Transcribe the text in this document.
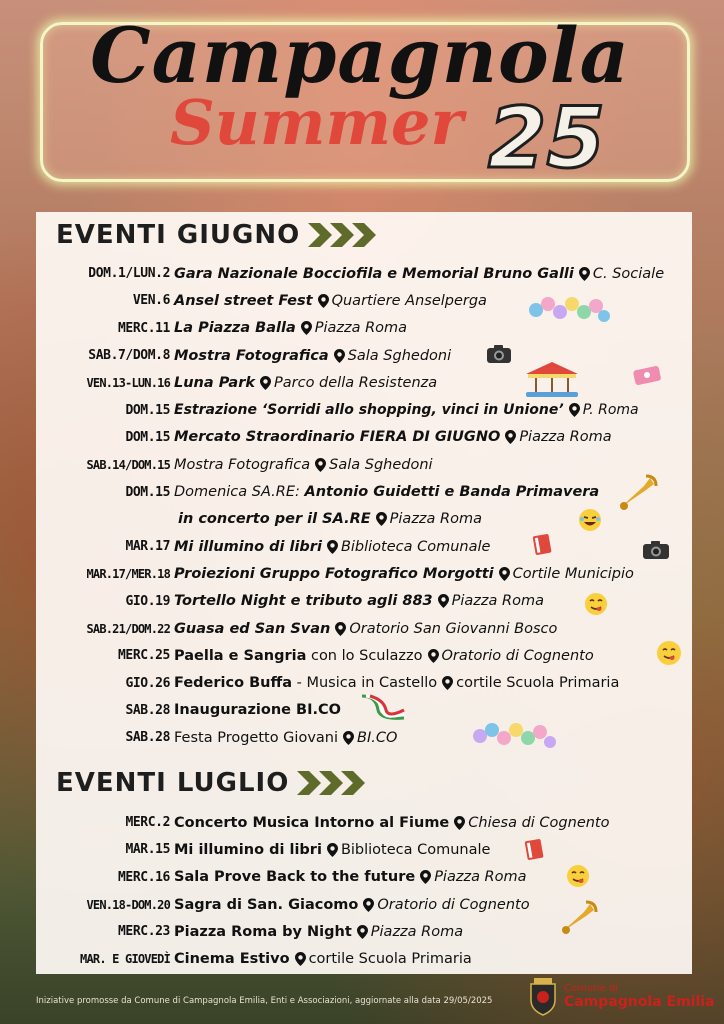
Campagnola
Summer 25
EVENTI GIUGNO
DOM.1/LUN.2 Gara Nazionale Bocciofila e Memorial Bruno Galli C. Sociale
VEN.6 Ansel street Fest Quartiere Anselperga
MERC.11 La Piazza Balla Piazza Roma
SAB.7/DOM.8 Mostra Fotografica Sala Sghedoni
VEN.13-LUN.16 Luna Park Parco della Resistenza
DOM.15 Estrazione ‘Sorridi allo shopping, vinci in Unione’ P. Roma
DOM.15 Mercato Straordinario FIERA DI GIUGNO Piazza Roma
SAB.14/DOM.15 Mostra Fotografica Sala Sghedoni
DOM.15 Domenica SA.RE:
Antonio Guidetti e Banda Primavera
in concerto per il SA.RE Piazza Roma
MAR.17 Mi illumino di libri Biblioteca Comunale
MAR.17/MER.18 Proiezioni Gruppo Fotografico Morgotti Cortile Municipio
GIO.19 Tortello Night e tributo agli 883 Piazza Roma
SAB.21/DOM.22 Guasa ed San Svan Oratorio San Giovanni Bosco
MERC.25 Paella e Sangria
con lo Sculazzo Oratorio di Cognento
GIO.26 Federico Buffa
- Musica in Castello cortile Scuola Primaria
SAB.28 Inaugurazione BI.CO
SAB.28 Festa Progetto Giovani BI.CO
EVENTI LUGLIO
MERC.2 Concerto Musica Intorno al Fiume Chiesa di Cognento
MAR.15 Mi illumino di libri Biblioteca Comunale
MERC.16 Sala Prove Back to the future Piazza Roma
VEN.18-DOM.20 Sagra di San. Giacomo Oratorio di Cognento
MERC.23 Piazza Roma by Night Piazza Roma
MAR. E GIOVEDÌ Cinema Estivo cortile Scuola Primaria
Iniziative promosse da Comune di Campagnola Emilia, Enti e Associazioni, aggiornate alla data 29/05/2025
Comune di
Campagnola Emilia
